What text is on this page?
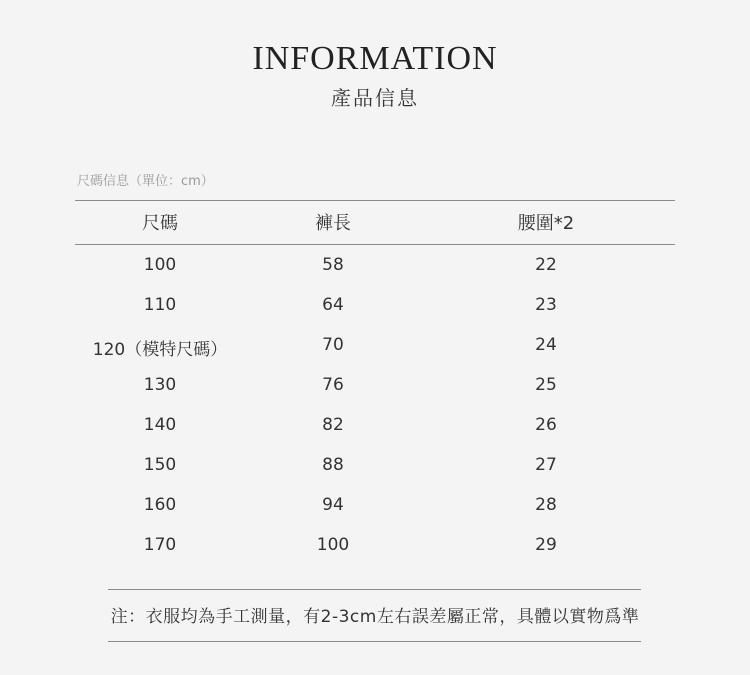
INFORMATION
產品信息
尺碼信息（單位：cm）
尺碼	褲長	腰圍*2
100	58	22
110	64	23
120（模特尺碼）	70	24
130	76	25
140	82	26
150	88	27
160	94	28
170	100	29
注：衣服均為手工測量，有2-3cm左右誤差屬正常，具體以實物爲準
